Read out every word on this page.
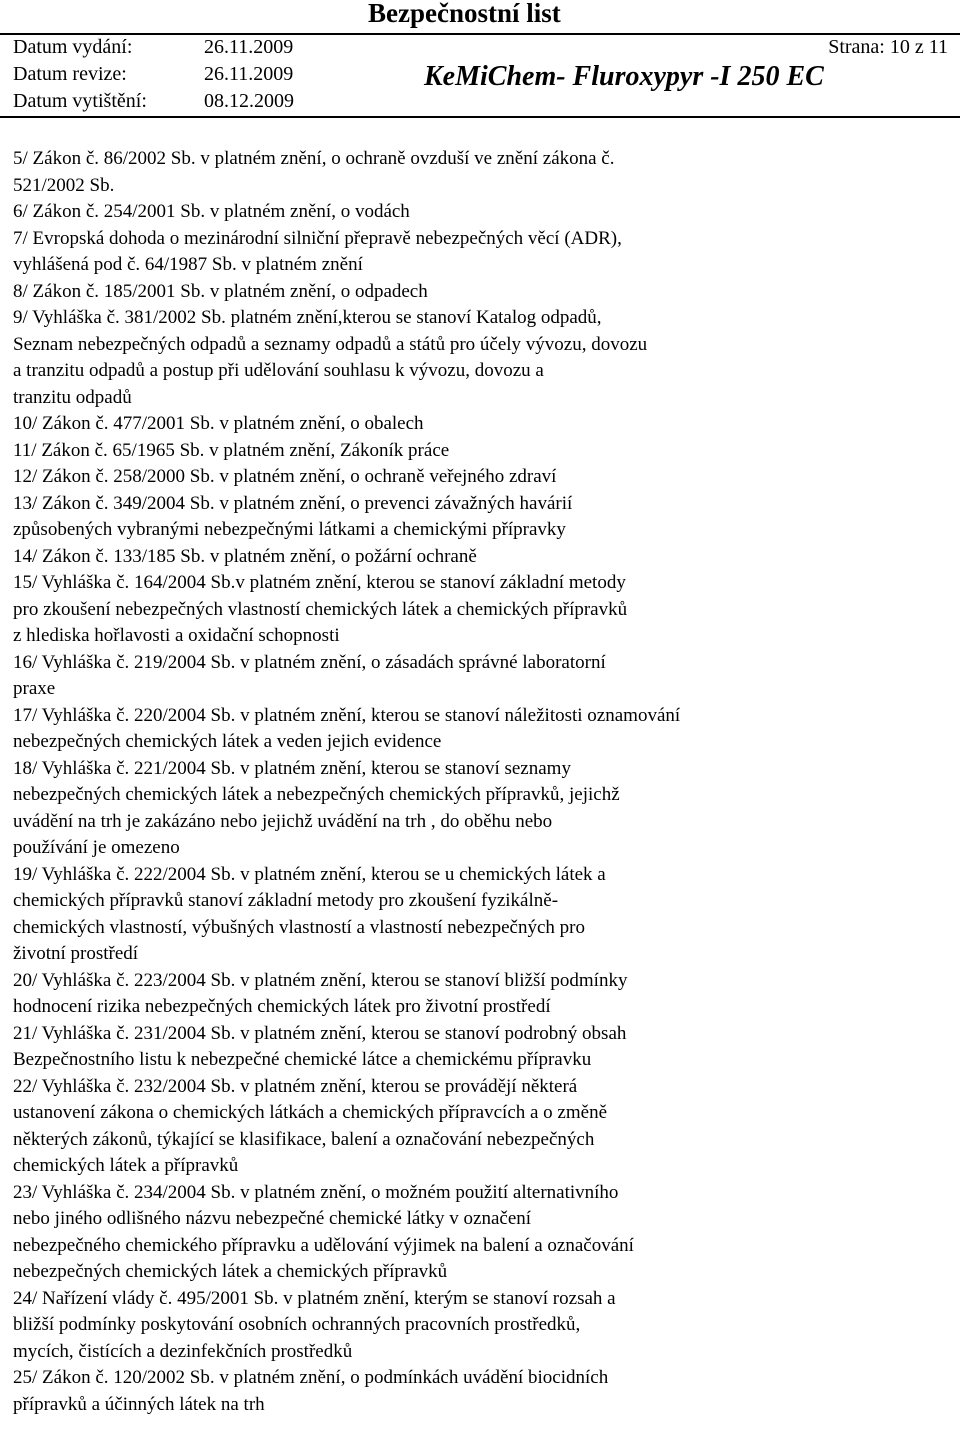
Bezpečnostní list
Datum vydání:	26.11.2009	Strana: 10 z 11
Datum revize:	26.11.2009	KeMiChem- Fluroxypyr -I 250 EC
Datum vytištění:	08.12.2009
5/ Zákon č. 86/2002 Sb. v platném znění, o ochraně ovzduší ve znění zákona č.
521/2002 Sb.
6/ Zákon č. 254/2001 Sb. v platném znění, o vodách
7/ Evropská dohoda o mezinárodní silniční přepravě nebezpečných věcí (ADR),
vyhlášená pod č. 64/1987 Sb. v platném znění
8/ Zákon č. 185/2001 Sb. v platném znění, o odpadech
9/ Vyhláška č. 381/2002 Sb. platném znění,kterou se stanoví Katalog odpadů,
Seznam nebezpečných odpadů a seznamy odpadů a států pro účely vývozu, dovozu
a tranzitu odpadů a postup při udělování souhlasu k vývozu, dovozu a
tranzitu odpadů
10/ Zákon č. 477/2001 Sb. v platném znění, o obalech
11/ Zákon č. 65/1965 Sb. v platném znění, Zákoník práce
12/ Zákon č. 258/2000 Sb. v platném znění, o ochraně veřejného zdraví
13/ Zákon č. 349/2004 Sb. v platném znění, o prevenci závažných havárií
způsobených vybranými nebezpečnými látkami a chemickými přípravky
14/ Zákon č. 133/185 Sb. v platném znění, o požární ochraně
15/ Vyhláška č. 164/2004 Sb.v platném znění, kterou se stanoví základní metody
pro zkoušení nebezpečných vlastností chemických látek a chemických přípravků
z hlediska hořlavosti a oxidační schopnosti
16/ Vyhláška č. 219/2004 Sb. v platném znění, o zásadách správné laboratorní
praxe
17/ Vyhláška č. 220/2004 Sb. v platném znění, kterou se stanoví náležitosti oznamování
nebezpečných chemických látek a veden jejich evidence
18/ Vyhláška č. 221/2004 Sb. v platném znění, kterou se stanoví seznamy
nebezpečných chemických látek a nebezpečných chemických přípravků, jejichž
uvádění na trh je zakázáno nebo jejichž uvádění na trh , do oběhu nebo
používání je omezeno
19/ Vyhláška č. 222/2004 Sb. v platném znění, kterou se u chemických látek a
chemických přípravků stanoví základní metody pro zkoušení fyzikálně-
chemických vlastností, výbušných vlastností a vlastností nebezpečných pro
životní prostředí
20/ Vyhláška č. 223/2004 Sb. v platném znění, kterou se stanoví bližší podmínky
hodnocení rizika nebezpečných chemických látek pro životní prostředí
21/ Vyhláška č. 231/2004 Sb. v platném znění, kterou se stanoví podrobný obsah
Bezpečnostního listu k nebezpečné chemické látce a chemickému přípravku
22/ Vyhláška č. 232/2004 Sb. v platném znění, kterou se provádějí některá
ustanovení zákona o chemických látkách a chemických přípravcích a o změně
některých zákonů, týkající se klasifikace, balení a označování nebezpečných
chemických látek a přípravků
23/ Vyhláška č. 234/2004 Sb. v platném znění, o možném použití alternativního
nebo jiného odlišného názvu nebezpečné chemické látky v označení
nebezpečného chemického přípravku a udělování výjimek na balení a označování
nebezpečných chemických látek a chemických přípravků
24/ Nařízení vlády č. 495/2001 Sb. v platném znění, kterým se stanoví rozsah a
bližší podmínky poskytování osobních ochranných pracovních prostředků,
mycích, čistících a dezinfekčních prostředků
25/ Zákon č. 120/2002 Sb. v platném znění, o podmínkách uvádění biocidních
přípravků a účinných látek na trh
